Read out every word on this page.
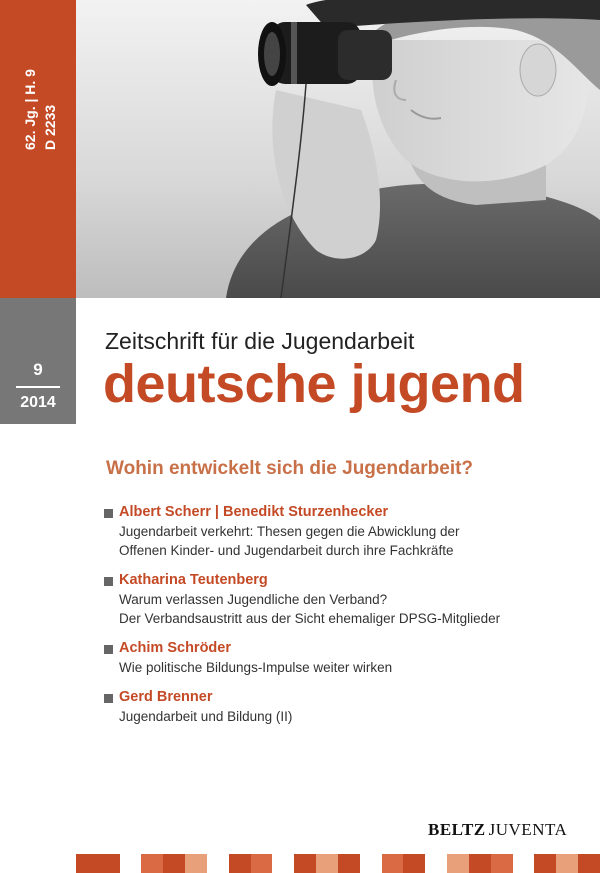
62. Jg. | H. 9 D 2233
9
2014
Zeitschrift für die Jugendarbeit
deutsche jugend
Wohin entwickelt sich die Jugendarbeit?
Albert Scherr | Benedikt Sturzenhecker
Jugendarbeit verkehrt: Thesen gegen die Abwicklung der
Offenen Kinder- und Jugendarbeit durch ihre Fachkräfte
Katharina Teutenberg
Warum verlassen Jugendliche den Verband?
Der Verbandsaustritt aus der Sicht ehemaliger DPSG-Mitglieder
Achim Schröder
Wie politische Bildungs-Impulse weiter wirken
Gerd Brenner
Jugendarbeit und Bildung (II)
BELTZ JUVENTA
